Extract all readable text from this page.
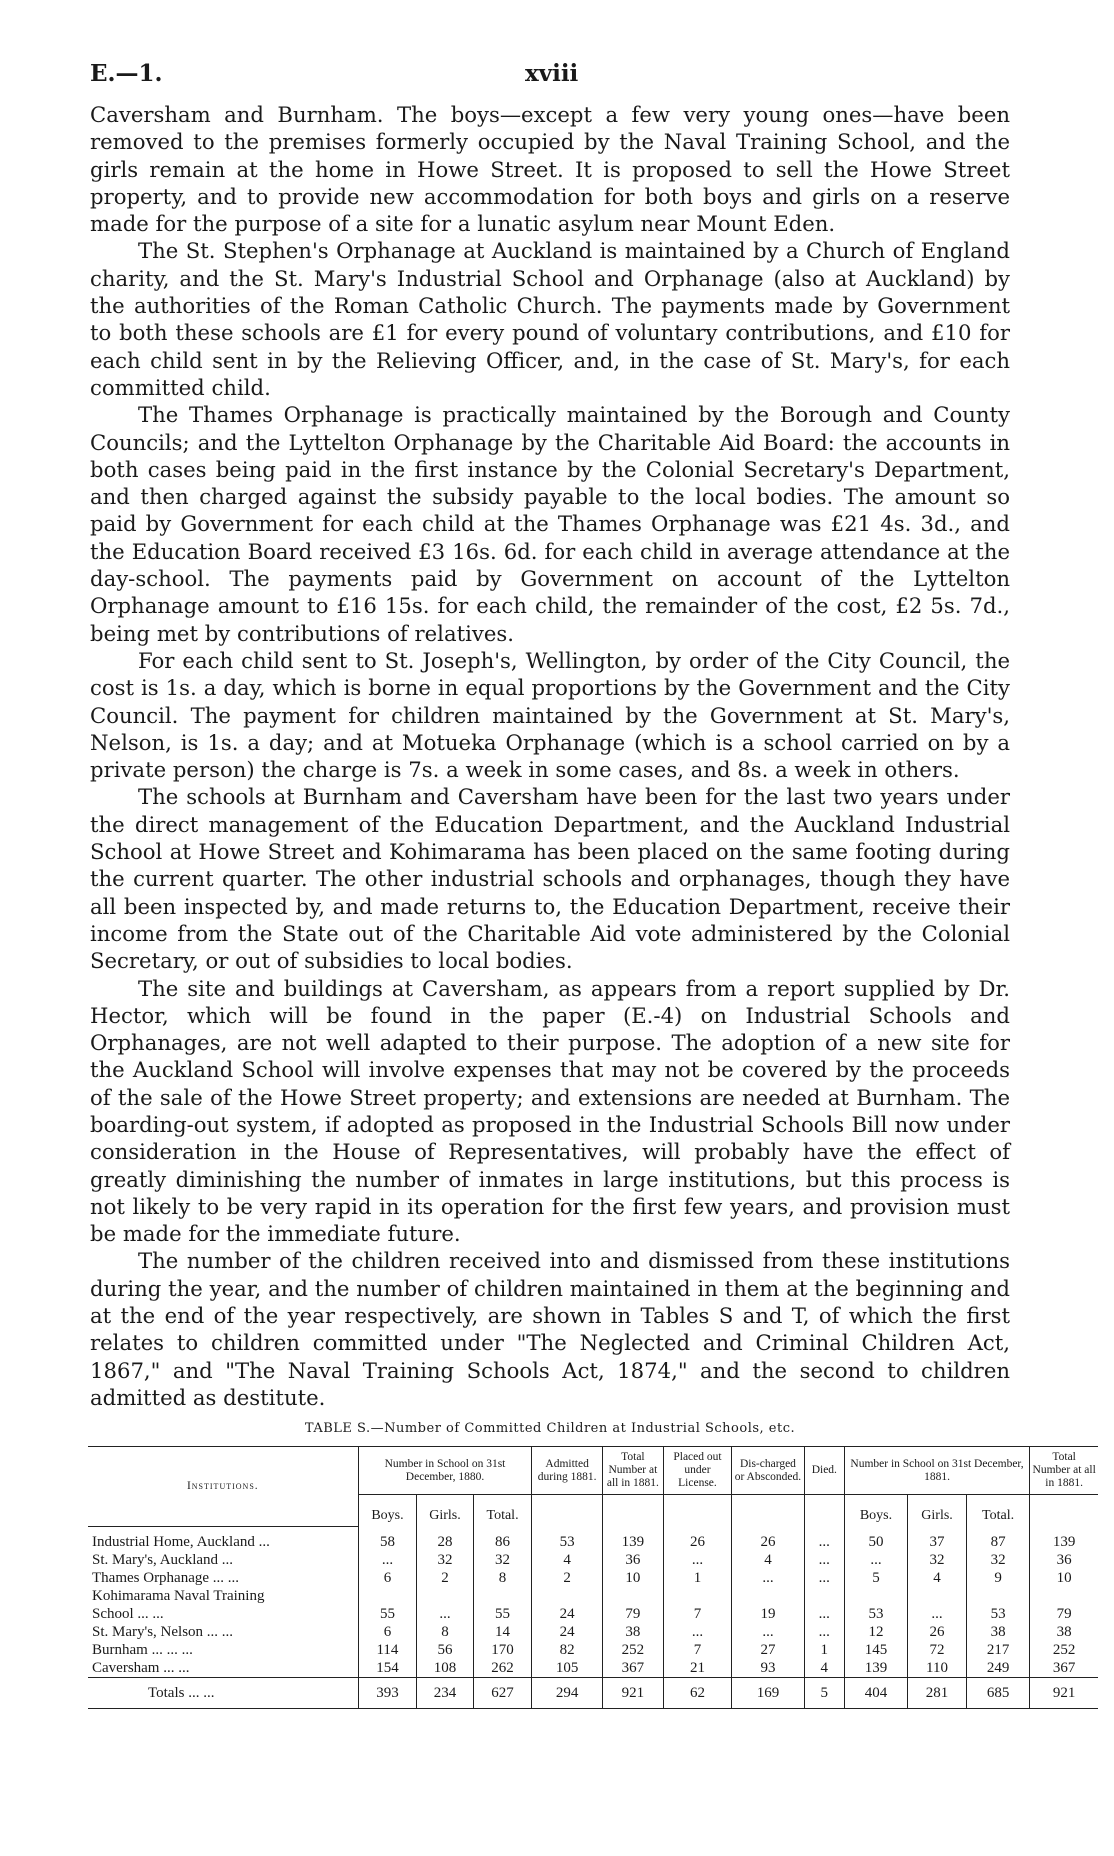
E.—1.	xviii

Caversham and Burnham. The boys—except a few very young ones—have been removed to the premises formerly occupied by the Naval Training School, and the girls remain at the home in Howe Street. It is proposed to sell the Howe Street property, and to provide new accommodation for both boys and girls on a reserve made for the purpose of a site for a lunatic asylum near Mount Eden.

The St. Stephen's Orphanage at Auckland is maintained by a Church of England charity, and the St. Mary's Industrial School and Orphanage (also at Auckland) by the authorities of the Roman Catholic Church. The payments made by Government to both these schools are £1 for every pound of voluntary contributions, and £10 for each child sent in by the Relieving Officer, and, in the case of St. Mary's, for each committed child.

The Thames Orphanage is practically maintained by the Borough and County Councils; and the Lyttelton Orphanage by the Charitable Aid Board: the accounts in both cases being paid in the first instance by the Colonial Secretary's Department, and then charged against the subsidy payable to the local bodies. The amount so paid by Government for each child at the Thames Orphanage was £21 4s. 3d., and the Education Board received £3 16s. 6d. for each child in average attendance at the day-school. The payments paid by Government on account of the Lyttelton Orphanage amount to £16 15s. for each child, the remainder of the cost, £2 5s. 7d., being met by contributions of relatives.

For each child sent to St. Joseph's, Wellington, by order of the City Council, the cost is 1s. a day, which is borne in equal proportions by the Government and the City Council. The payment for children maintained by the Government at St. Mary's, Nelson, is 1s. a day; and at Motueka Orphanage (which is a school carried on by a private person) the charge is 7s. a week in some cases, and 8s. a week in others.

The schools at Burnham and Caversham have been for the last two years under the direct management of the Education Department, and the Auckland Industrial School at Howe Street and Kohimarama has been placed on the same footing during the current quarter. The other industrial schools and orphanages, though they have all been inspected by, and made returns to, the Education Department, receive their income from the State out of the Charitable Aid vote administered by the Colonial Secretary, or out of subsidies to local bodies.

The site and buildings at Caversham, as appears from a report supplied by Dr. Hector, which will be found in the paper (E.-4) on Industrial Schools and Orphanages, are not well adapted to their purpose. The adoption of a new site for the Auckland School will involve expenses that may not be covered by the proceeds of the sale of the Howe Street property; and extensions are needed at Burnham. The boarding-out system, if adopted as proposed in the Industrial Schools Bill now under consideration in the House of Representatives, will probably have the effect of greatly diminishing the number of inmates in large institutions, but this process is not likely to be very rapid in its operation for the first few years, and provision must be made for the immediate future.

The number of the children received into and dismissed from these institutions during the year, and the number of children maintained in them at the beginning and at the end of the year respectively, are shown in Tables S and T, of which the first relates to children committed under "The Neglected and Criminal Children Act, 1867," and "The Naval Training Schools Act, 1874," and the second to children admitted as destitute.

TABLE S.—Number of Committed Children at Industrial Schools, etc.
Institutions.	Number in School on 31st December, 1880.			Admitted during 1881.	Total Number at all in 1881.	Placed out under License.	Dis-charged or Absconded.	Died.	Number in School on 31st December, 1881.			Total Number at all in 1881.
	Boys.	Girls.	Total.						Boys.	Girls.	Total.	
Industrial Home, Auckland ...	58	28	86	53	139	26	26	...	50	37	87	139
St. Mary's, Auckland ...	...	32	32	4	36	...	4	...	...	32	32	36
Thames Orphanage ... ...	6	2	8	2	10	1	...	...	5	4	9	10
Kohimarama Naval Training												
School ... ...	55	...	55	24	79	7	19	...	53	...	53	79
St. Mary's, Nelson ... ...	6	8	14	24	38	...	...	...	12	26	38	38
Burnham ... ... ...	114	56	170	82	252	7	27	1	145	72	217	252
Caversham ... ...	154	108	262	105	367	21	93	4	139	110	249	367
Totals ... ...	393	234	627	294	921	62	169	5	404	281	685	921
